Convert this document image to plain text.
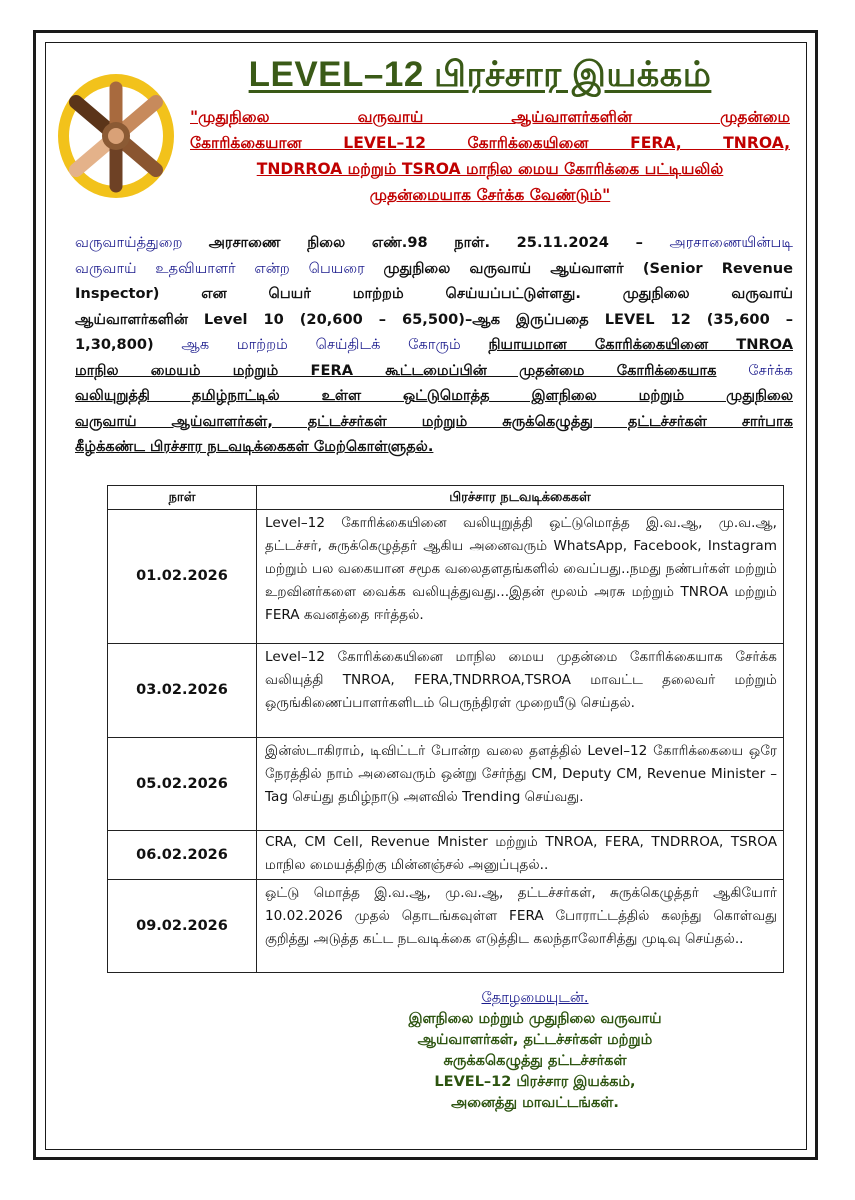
LEVEL–12 பிரச்சார இயக்கம்
"முதுநிலை வருவாய் ஆய்வாளர்களின் முதன்மை
கோரிக்கையான LEVEL–12 கோரிக்கையினை FERA, TNROA,
TNDRROA மற்றும் TSROA மாநில மைய கோரிக்கை பட்டியலில்
முதன்மையாக சேர்க்க வேண்டும்"
வருவாய்த்துறை அரசாணை நிலை எண்.98 நாள். 25.11.2024 – அரசாணையின்படி
வருவாய் உதவியாளர் என்ற பெயரை முதுநிலை வருவாய் ஆய்வாளர் (Senior Revenue
Inspector) என பெயர் மாற்றம் செய்யப்பட்டுள்ளது. முதுநிலை வருவாய்
ஆய்வாளர்களின் Level 10 (20,600 – 65,500)–ஆக இருப்பதை LEVEL 12 (35,600 –
1,30,800) ஆக மாற்றம் செய்திடக் கோரும் நியாயமான கோரிக்கையினை TNROA
மாநில மையம் மற்றும் FERA கூட்டமைப்பின் முதன்மை கோரிக்கையாக சேர்க்க
வலியுறுத்தி தமிழ்நாட்டில் உள்ள ஒட்டுமொத்த இளநிலை மற்றும் முதுநிலை
வருவாய் ஆய்வாளர்கள், தட்டச்சர்கள் மற்றும் சுருக்கெழுத்து தட்டச்சர்கள் சார்பாக
கீழ்க்கண்ட பிரச்சார நடவடிக்கைகள் மேற்கொள்ளுதல்.
நாள்	பிரச்சார நடவடிக்கைகள்
01.02.2026	Level–12 கோரிக்கையினை வலியுறுத்தி ஒட்டுமொத்த இ.வ.ஆ, மு.வ.ஆ, தட்டச்சர், சுருக்கெழுத்தர் ஆகிய அனைவரும் WhatsApp, Facebook, Instagram மற்றும் பல வகையான சமூக வலைதளதங்களில் வைப்பது..நமது நண்பர்கள் மற்றும் உறவினர்களை வைக்க வலியுத்துவது...இதன் மூலம் அரசு மற்றும் TNROA மற்றும் FERA கவனத்தை ஈர்த்தல்.
03.02.2026	Level–12 கோரிக்கையினை மாநில மைய முதன்மை கோரிக்கையாக சேர்க்க வலியுத்தி TNROA, FERA,TNDRROA,TSROA மாவட்ட தலைவர் மற்றும் ஒருங்கிணைப்பாளர்களிடம் பெருந்திரள் முறையீடு செய்தல்.
05.02.2026	இன்ஸ்டாகிராம், டிவிட்டர் போன்ற வலை தளத்தில் Level–12 கோரிக்கையை ஒரே நேரத்தில் நாம் அனைவரும் ஒன்று சேர்ந்து CM, Deputy CM, Revenue Minister – Tag செய்து தமிழ்நாடு அளவில் Trending செய்வது.
06.02.2026	CRA, CM Cell, Revenue Mnister மற்றும் TNROA, FERA, TNDRROA, TSROA மாநில மையத்திற்கு மின்னஞ்சல் அனுப்புதல்..
09.02.2026	ஒட்டு மொத்த இ.வ.ஆ, மு.வ.ஆ, தட்டச்சர்கள், சுருக்கெழுத்தர் ஆகியோர் 10.02.2026 முதல் தொடங்கவுள்ள FERA போராட்டத்தில் கலந்து கொள்வது குறித்து அடுத்த கட்ட நடவடிக்கை எடுத்திட கலந்தாலோசித்து முடிவு செய்தல்..
தோழமையுடன்.
இளநிலை மற்றும் முதுநிலை வருவாய்
ஆய்வாளர்கள், தட்டச்சர்கள் மற்றும்
சுருக்ககெழுத்து தட்டச்சர்கள்
LEVEL–12 பிரச்சார இயக்கம்,
அனைத்து மாவட்டங்கள்.
